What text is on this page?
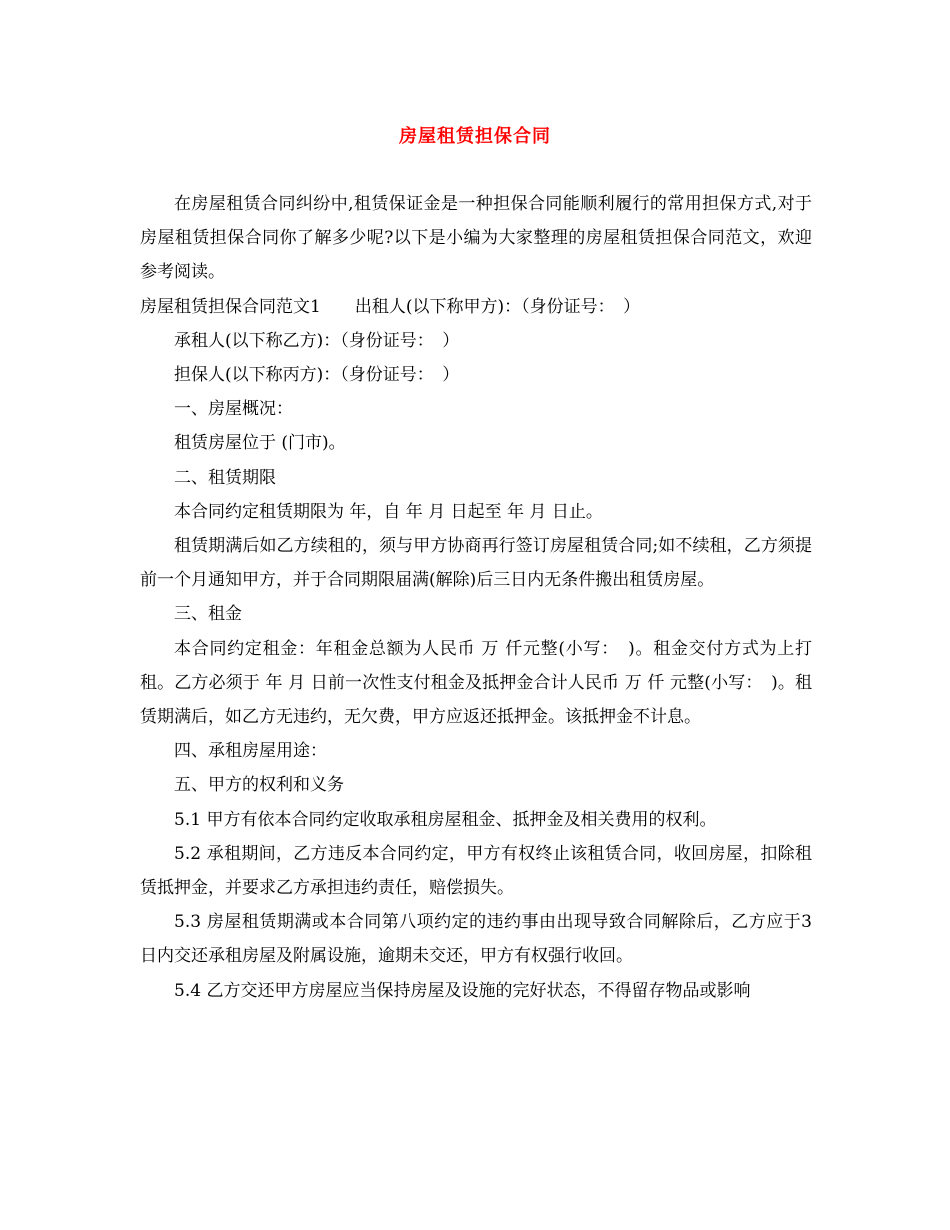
房屋租赁担保合同

在房屋租赁合同纠纷中,租赁保证金是一种担保合同能顺利履行的常用担保方式,对于房屋租赁担保合同你了解多少呢?以下是小编为大家整理的房屋租赁担保合同范文，欢迎参考阅读。

房屋租赁担保合同范文1　　出租人(以下称甲方)：（身份证号：　）

承租人(以下称乙方)：（身份证号：　）

担保人(以下称丙方)：（身份证号：　）

一、房屋概况：

租赁房屋位于 (门市)。

二、租赁期限

本合同约定租赁期限为 年，自 年 月 日起至 年 月 日止。

租赁期满后如乙方续租的，须与甲方协商再行签订房屋租赁合同;如不续租，乙方须提前一个月通知甲方，并于合同期限届满(解除)后三日内无条件搬出租赁房屋。

三、租金

本合同约定租金：年租金总额为人民币 万 仟元整(小写：　)。租金交付方式为上打租。乙方必须于 年 月 日前一次性支付租金及抵押金合计人民币 万 仟 元整(小写：　)。租赁期满后，如乙方无违约，无欠费，甲方应返还抵押金。该抵押金不计息。

四、承租房屋用途：

五、甲方的权利和义务

5.1 甲方有依本合同约定收取承租房屋租金、抵押金及相关费用的权利。

5.2 承租期间，乙方违反本合同约定，甲方有权终止该租赁合同，收回房屋，扣除租赁抵押金，并要求乙方承担违约责任，赔偿损失。

5.3 房屋租赁期满或本合同第八项约定的违约事由出现导致合同解除后，乙方应于3日内交还承租房屋及附属设施，逾期未交还，甲方有权强行收回。

5.4 乙方交还甲方房屋应当保持房屋及设施的完好状态，不得留存物品或影响
